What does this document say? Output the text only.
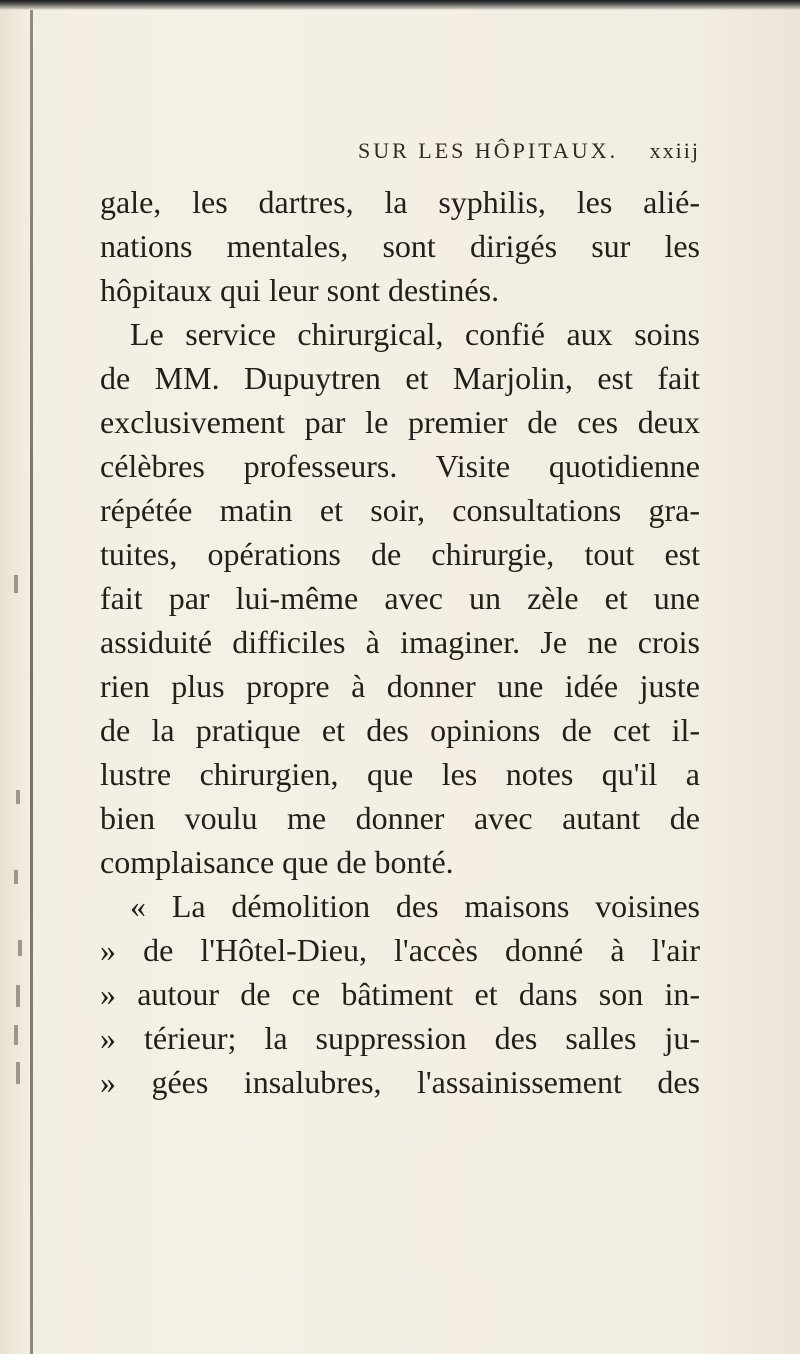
SUR LES HÔPITAUX. xxiij
gale, les dartres, la syphilis, les alié-
nations mentales, sont dirigés sur les
hôpitaux qui leur sont destinés.
Le service chirurgical, confié aux soins
de MM. Dupuytren et Marjolin, est fait
exclusivement par le premier de ces deux
célèbres professeurs. Visite quotidienne
répétée matin et soir, consultations gra-
tuites, opérations de chirurgie, tout est
fait par lui-même avec un zèle et une
assiduité difficiles à imaginer. Je ne crois
rien plus propre à donner une idée juste
de la pratique et des opinions de cet il-
lustre chirurgien, que les notes qu'il a
bien voulu me donner avec autant de
complaisance que de bonté.
« La démolition des maisons voisines
» de l'Hôtel-Dieu, l'accès donné à l'air
» autour de ce bâtiment et dans son in-
» térieur; la suppression des salles ju-
» gées insalubres, l'assainissement des
